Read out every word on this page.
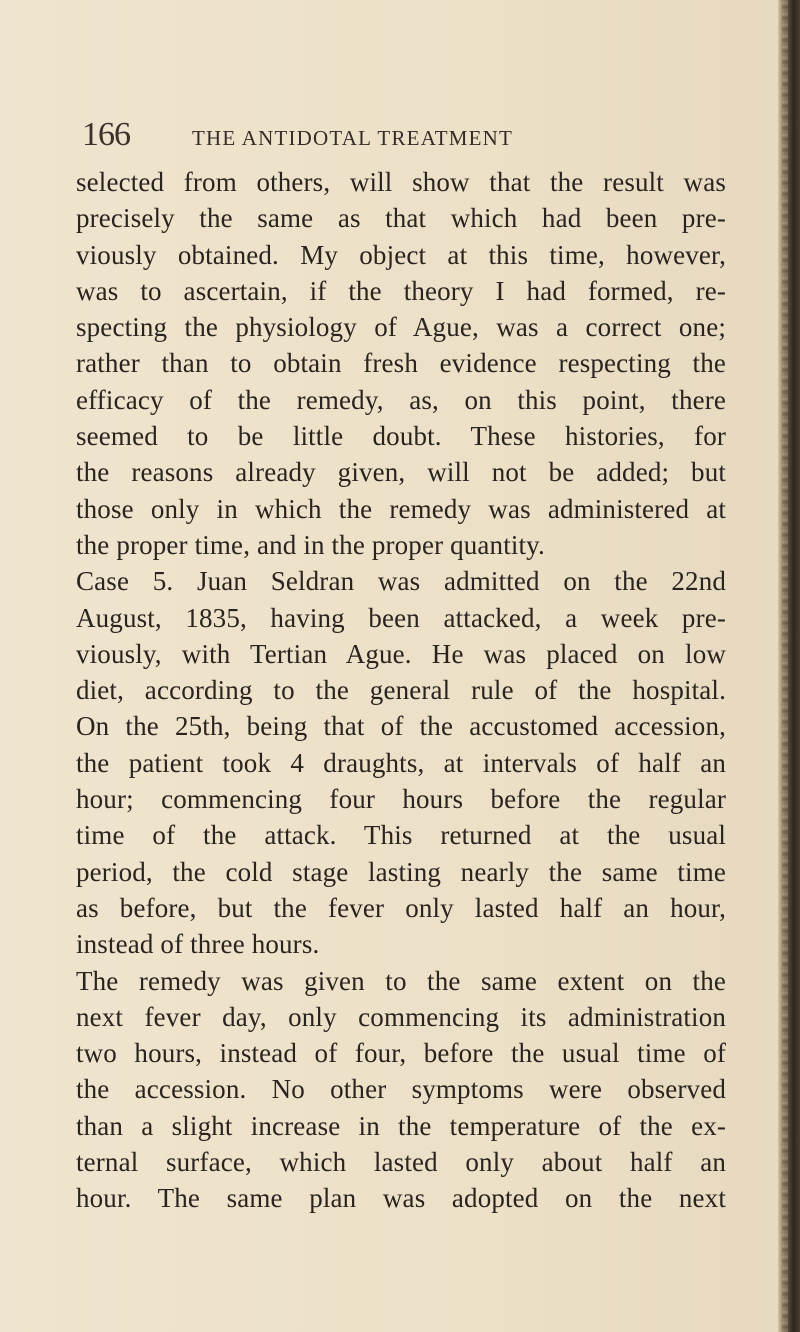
166	THE ANTIDOTAL TREATMENT
selected from others, will show that the result was
precisely the same as that which had been pre-
viously obtained. My object at this time, however,
was to ascertain, if the theory I had formed, re-
specting the physiology of Ague, was a correct one;
rather than to obtain fresh evidence respecting the
efficacy of the remedy, as, on this point, there
seemed to be little doubt. These histories, for
the reasons already given, will not be added; but
those only in which the remedy was administered at
the proper time, and in the proper quantity.
Case 5. Juan Seldran was admitted on the 22nd
August, 1835, having been attacked, a week pre-
viously, with Tertian Ague. He was placed on low
diet, according to the general rule of the hospital.
On the 25th, being that of the accustomed accession,
the patient took 4 draughts, at intervals of half an
hour; commencing four hours before the regular
time of the attack. This returned at the usual
period, the cold stage lasting nearly the same time
as before, but the fever only lasted half an hour,
instead of three hours.
The remedy was given to the same extent on the
next fever day, only commencing its administration
two hours, instead of four, before the usual time of
the accession. No other symptoms were observed
than a slight increase in the temperature of the ex-
ternal surface, which lasted only about half an
hour. The same plan was adopted on the next
